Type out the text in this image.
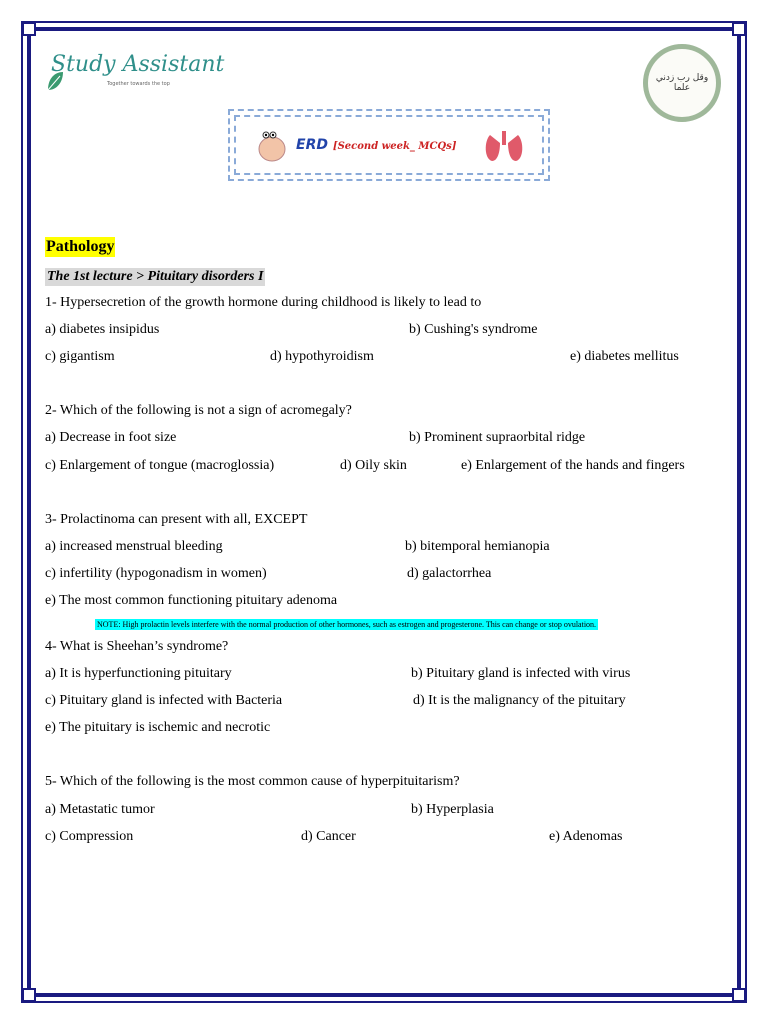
Study Assistant
Together towards the top
وقل رب زدني علما
ERD [Second week_ MCQs]
Pathology
The 1st lecture > Pituitary disorders I
1- Hypersecretion of the growth hormone during childhood is likely to lead to
a) diabetes insipidus	b) Cushing's syndrome
c) gigantism	d) hypothyroidism	e) diabetes mellitus
2- Which of the following is not a sign of acromegaly?
a) Decrease in foot size	b) Prominent supraorbital ridge
c) Enlargement of tongue (macroglossia)	d) Oily skin	e) Enlargement of the hands and fingers
3- Prolactinoma can present with all, EXCEPT
a) increased menstrual bleeding	b) bitemporal hemianopia
c) infertility (hypogonadism in women)	d) galactorrhea
e) The most common functioning pituitary adenoma
NOTE: High prolactin levels interfere with the normal production of other hormones, such as estrogen and progesterone. This can change or stop ovulation.
4- What is Sheehan’s syndrome?
a) It is hyperfunctioning pituitary	b) Pituitary gland is infected with virus
c) Pituitary gland is infected with Bacteria	d) It is the malignancy of the pituitary
e) The pituitary is ischemic and necrotic
5- Which of the following is the most common cause of hyperpituitarism?
a) Metastatic tumor	b) Hyperplasia
c) Compression	d) Cancer	e) Adenomas
